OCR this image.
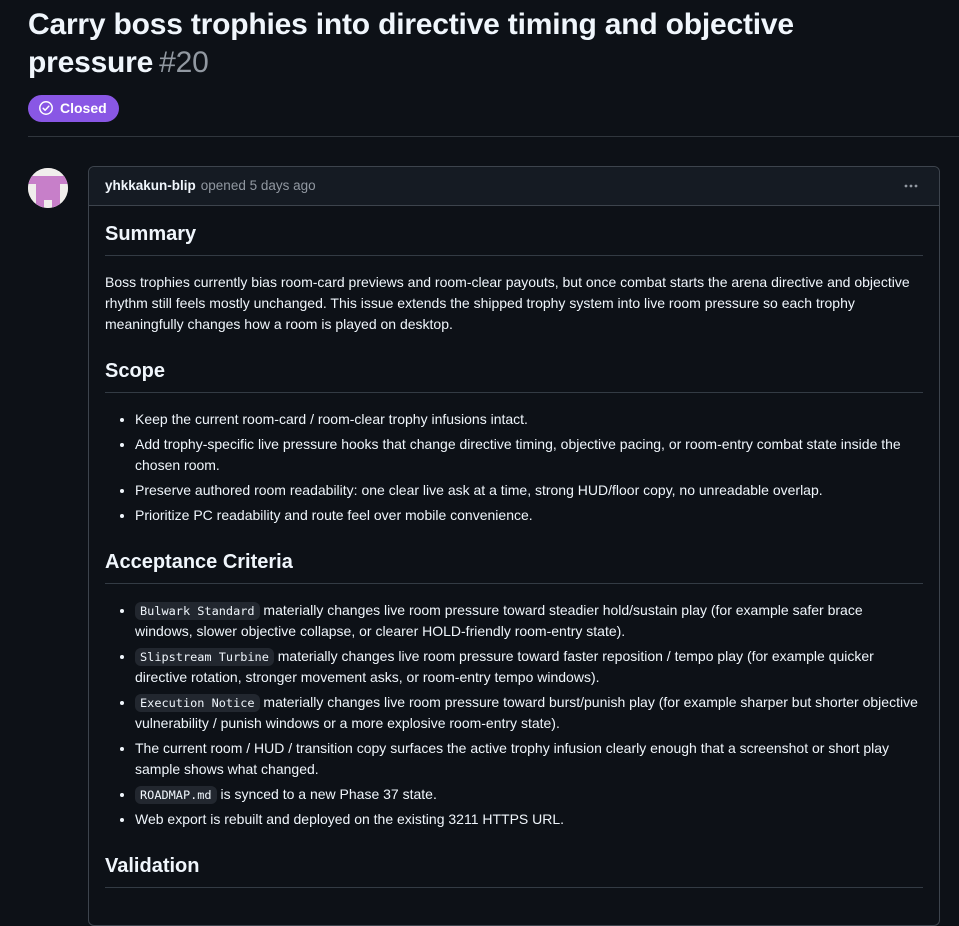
Carry boss trophies into directive timing and objective pressure #20
Closed
yhkkakun-blip opened 5 days ago
Summary

Boss trophies currently bias room-card previews and room-clear payouts, but once combat starts the arena directive and objective rhythm still feels mostly unchanged. This issue extends the shipped trophy system into live room pressure so each trophy meaningfully changes how a room is played on desktop.

Scope
• Keep the current room-card / room-clear trophy infusions intact.
• Add trophy-specific live pressure hooks that change directive timing, objective pacing, or room-entry combat state inside the chosen room.
• Preserve authored room readability: one clear live ask at a time, strong HUD/floor copy, no unreadable overlap.
• Prioritize PC readability and route feel over mobile convenience.
Acceptance Criteria
• Bulwark Standard materially changes live room pressure toward steadier hold/sustain play (for example safer brace windows, slower objective collapse, or clearer HOLD-friendly room-entry state).
• Slipstream Turbine materially changes live room pressure toward faster reposition / tempo play (for example quicker directive rotation, stronger movement asks, or room-entry tempo windows).
• Execution Notice materially changes live room pressure toward burst/punish play (for example sharper but shorter objective vulnerability / punish windows or a more explosive room-entry state).
• The current room / HUD / transition copy surfaces the active trophy infusion clearly enough that a screenshot or short play sample shows what changed.
• ROADMAP.md is synced to a new Phase 37 state.
• Web export is rebuilt and deployed on the existing 3211 HTTPS URL.
Validation
